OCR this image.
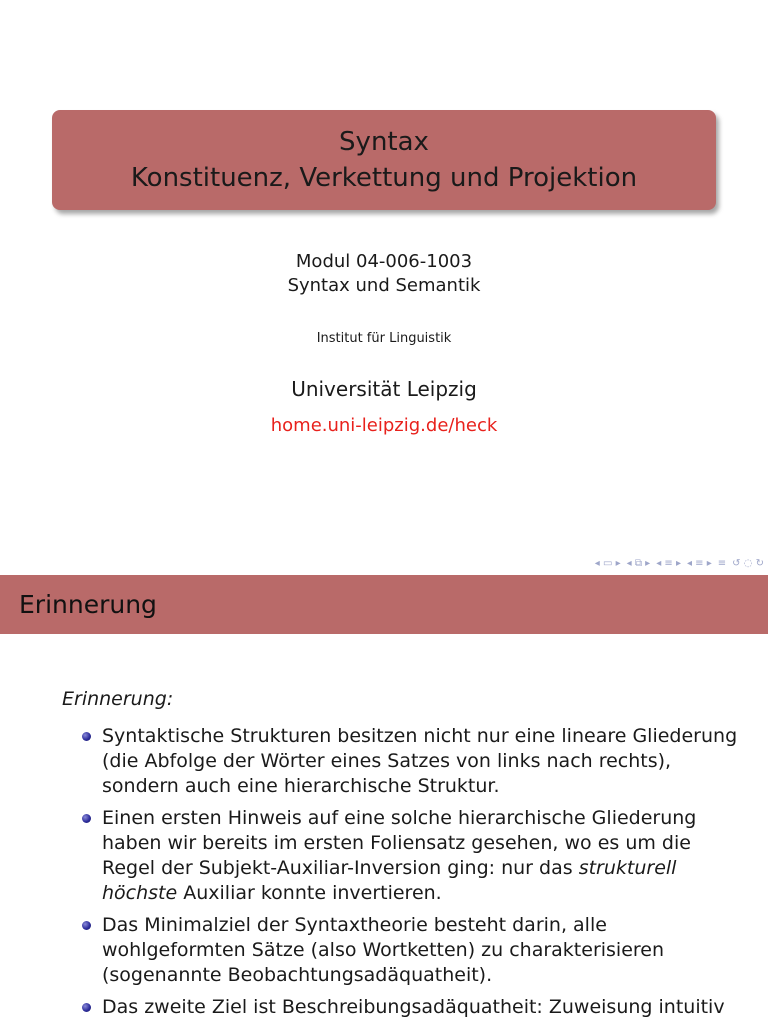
Syntax
Konstituenz, Verkettung und Projektion
Modul 04-006-1003
Syntax und Semantik
Institut für Linguistik
Universität Leipzig
home.uni-leipzig.de/heck
◂ ▭ ▸ ◂ ⧉ ▸ ◂ ≡ ▸ ◂ ≡ ▸ ≡ ↺ ◌ ↻
Erinnerung
Erinnerung:
Syntaktische Strukturen besitzen nicht nur eine lineare Gliederung (die Abfolge der Wörter eines Satzes von links nach rechts), sondern auch eine hierarchische Struktur.
Einen ersten Hinweis auf eine solche hierarchische Gliederung haben wir bereits im ersten Foliensatz gesehen, wo es um die Regel der Subjekt-Auxiliar-Inversion ging: nur das strukturell höchste Auxiliar konnte invertieren.
Das Minimalziel der Syntaxtheorie besteht darin, alle wohlgeformten Sätze (also Wortketten) zu charakterisieren (sogenannte Beobachtungsadäquatheit).
Das zweite Ziel ist Beschreibungsadäquatheit: Zuweisung intuitiv
